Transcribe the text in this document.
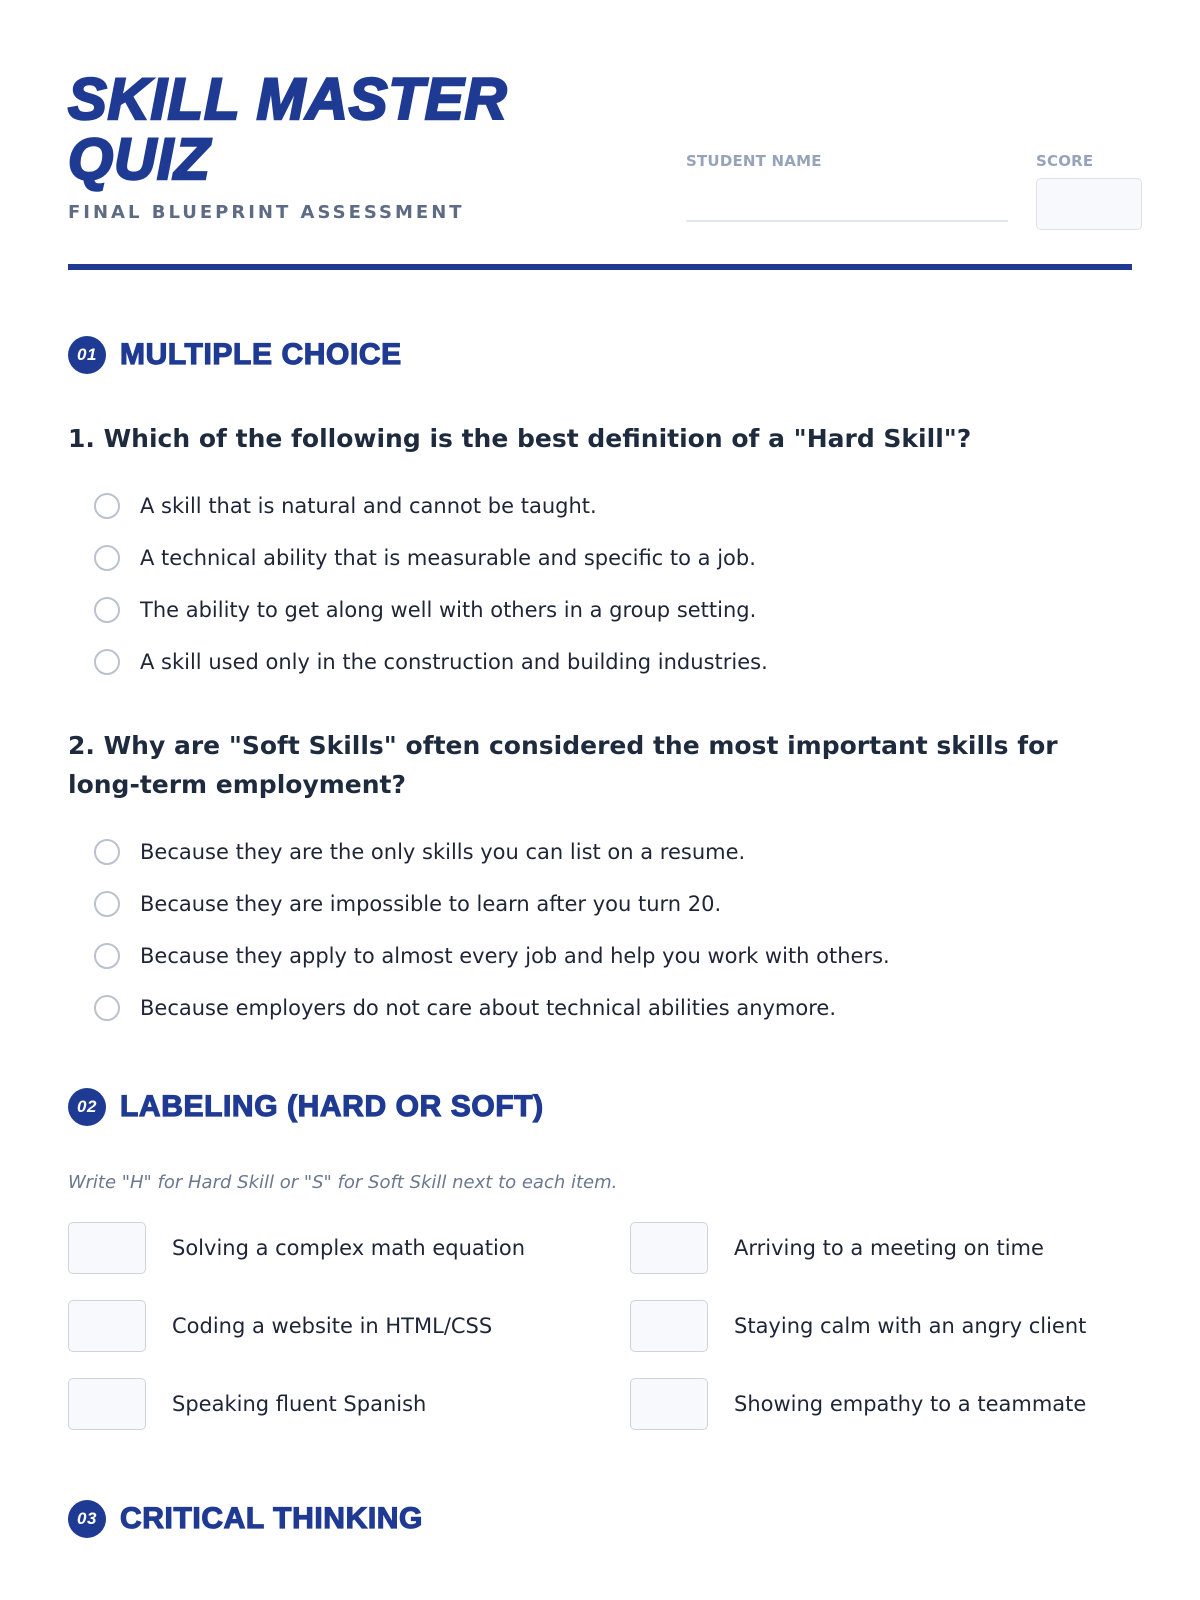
SKILL MASTER
QUIZ
FINAL BLUEPRINT ASSESSMENT
STUDENT NAME	SCORE
01 MULTIPLE CHOICE
1. Which of the following is the best definition of a "Hard Skill"?
A skill that is natural and cannot be taught.
A technical ability that is measurable and specific to a job.
The ability to get along well with others in a group setting.
A skill used only in the construction and building industries.
2. Why are "Soft Skills" often considered the most important skills for long-term employment?
Because they are the only skills you can list on a resume.
Because they are impossible to learn after you turn 20.
Because they apply to almost every job and help you work with others.
Because employers do not care about technical abilities anymore.
02 LABELING (HARD OR SOFT)
Write "H" for Hard Skill or "S" for Soft Skill next to each item.
Solving a complex math equation	Arriving to a meeting on time
Coding a website in HTML/CSS	Staying calm with an angry client
Speaking fluent Spanish	Showing empathy to a teammate
03 CRITICAL THINKING
